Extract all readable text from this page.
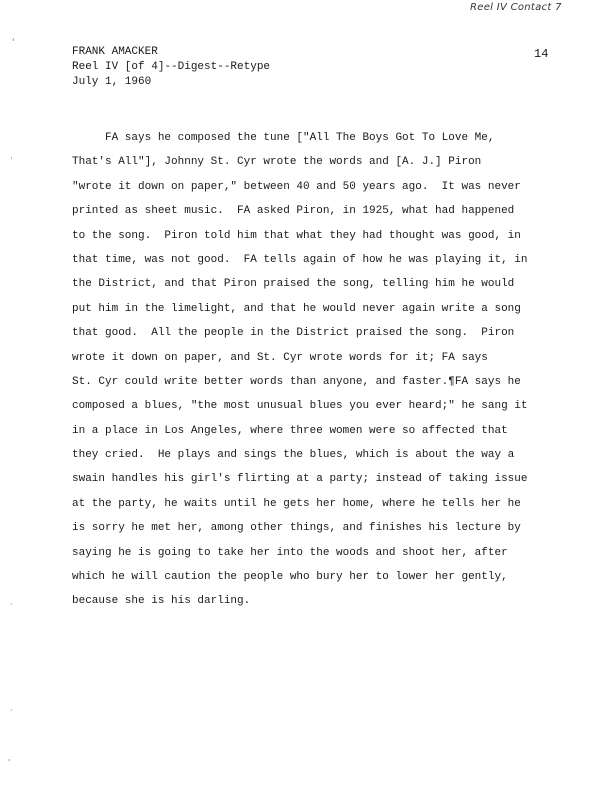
Reel IV Contact 7
'
·
·
·
'
FRANK AMACKER
Reel IV [of 4]--Digest--Retype
July 1, 1960
14
FA says he composed the tune ["All The Boys Got To Love Me,
That's All"], Johnny St. Cyr wrote the words and [A. J.] Piron
"wrote it down on paper," between 40 and 50 years ago.  It was never
printed as sheet music.  FA asked Piron, in 1925, what had happened
to the song.  Piron told him that what they had thought was good, in
that time, was not good.  FA tells again of how he was playing it, in
the District, and that Piron praised the song, telling him he would
put him in the limelight, and that he would never again write a song
that good.  All the people in the District praised the song.  Piron
wrote it down on paper, and St. Cyr wrote words for it; FA says
St. Cyr could write better words than anyone, and faster.¶FA says he
composed a blues, "the most unusual blues you ever heard;" he sang it
in a place in Los Angeles, where three women were so affected that
they cried.  He plays and sings the blues, which is about the way a
swain handles his girl's flirting at a party; instead of taking issue
at the party, he waits until he gets her home, where he tells her he
is sorry he met her, among other things, and finishes his lecture by
saying he is going to take her into the woods and shoot her, after
which he will caution the people who bury her to lower her gently,
because she is his darling.
